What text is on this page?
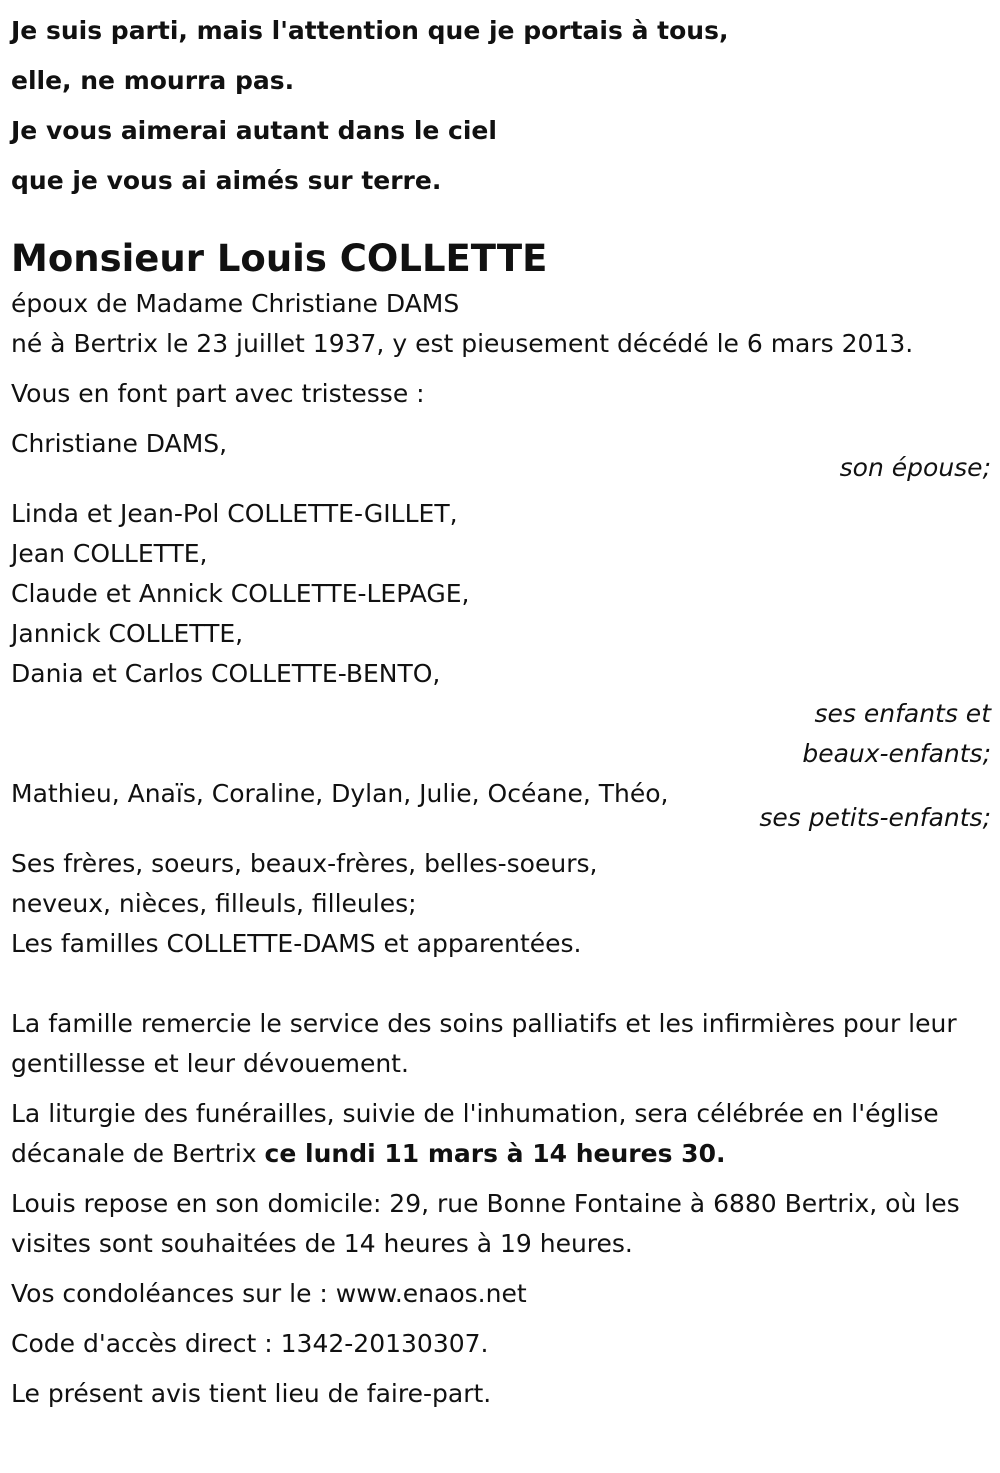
Je suis parti, mais l'attention que je portais à tous,

elle, ne mourra pas.

Je vous aimerai autant dans le ciel

que je vous ai aimés sur terre.

Monsieur Louis COLLETTE

époux de Madame Christiane DAMS

né à Bertrix le 23 juillet 1937, y est pieusement décédé le 6 mars 2013.

Vous en font part avec tristesse :

Christiane DAMS,

son épouse;

Linda et Jean-Pol COLLETTE-GILLET,

Jean COLLETTE,

Claude et Annick COLLETTE-LEPAGE,

Jannick COLLETTE,

Dania et Carlos COLLETTE-BENTO,

ses enfants et

beaux-enfants;

Mathieu, Anaïs, Coraline, Dylan, Julie, Océane, Théo,

ses petits-enfants;

Ses frères, soeurs, beaux-frères, belles-soeurs,

neveux, nièces, filleuls, filleules;

Les familles COLLETTE-DAMS et apparentées.

La famille remercie le service des soins palliatifs et les infirmières pour leur gentillesse et leur dévouement.

La liturgie des funérailles, suivie de l'inhumation, sera célébrée en l'église décanale de Bertrix ce lundi 11 mars à 14 heures 30.

Louis repose en son domicile: 29, rue Bonne Fontaine à 6880 Bertrix, où les visites sont souhaitées de 14 heures à 19 heures.

Vos condoléances sur le : www.enaos.net

Code d'accès direct : 1342-20130307.

Le présent avis tient lieu de faire-part.
